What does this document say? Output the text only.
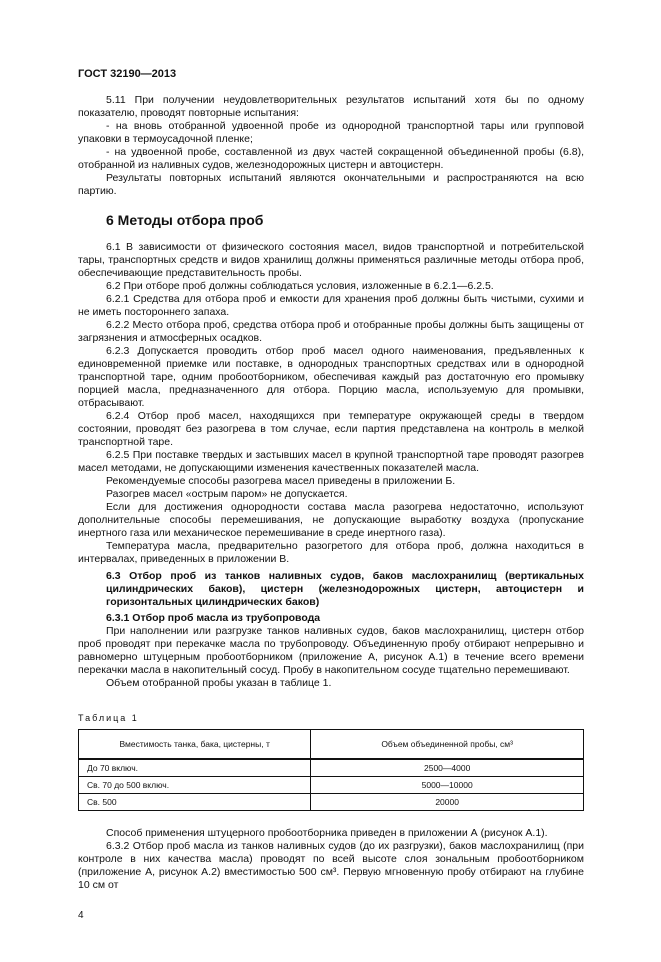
ГОСТ 32190—2013

5.11 При получении неудовлетворительных результатов испытаний хотя бы по одному показателю, проводят повторные испытания:

- на вновь отобранной удвоенной пробе из однородной транспортной тары или групповой упаковки в термоусадочной пленке;

- на удвоенной пробе, составленной из двух частей сокращенной объединенной пробы (6.8), отобранной из наливных судов, железнодорожных цистерн и автоцистерн.

Результаты повторных испытаний являются окончательными и распространяются на всю партию.

6 Методы отбора проб

6.1 В зависимости от физического состояния масел, видов транспортной и потребительской тары, транспортных средств и видов хранилищ должны применяться различные методы отбора проб, обеспечивающие представительность пробы.

6.2 При отборе проб должны соблюдаться условия, изложенные в 6.2.1—6.2.5.

6.2.1 Средства для отбора проб и емкости для хранения проб должны быть чистыми, сухими и не иметь постороннего запаха.

6.2.2 Место отбора проб, средства отбора проб и отобранные пробы должны быть защищены от загрязнения и атмосферных осадков.

6.2.3 Допускается проводить отбор проб масел одного наименования, предъявленных к единовременной приемке или поставке, в однородных транспортных средствах или в однородной транспортной таре, одним пробоотборником, обеспечивая каждый раз достаточную его промывку порцией масла, предназначенного для отбора. Порцию масла, используемую для промывки, отбрасывают.

6.2.4 Отбор проб масел, находящихся при температуре окружающей среды в твердом состоянии, проводят без разогрева в том случае, если партия представлена на контроль в мелкой транспортной таре.

6.2.5 При поставке твердых и застывших масел в крупной транспортной таре проводят разогрев масел методами, не допускающими изменения качественных показателей масла.

Рекомендуемые способы разогрева масел приведены в приложении Б.

Разогрев масел «острым паром» не допускается.

Если для достижения однородности состава масла разогрева недостаточно, используют дополнительные способы перемешивания, не допускающие выработку воздуха (пропускание инертного газа или механическое перемешивание в среде инертного газа).

Температура масла, предварительно разогретого для отбора проб, должна находиться в интервалах, приведенных в приложении В.

6.3 Отбор проб из танков наливных судов, баков маслохранилищ (вертикальных цилиндрических баков), цистерн (железнодорожных цистерн, автоцистерн и горизонтальных цилиндрических баков)
6.3.1 Отбор проб масла из трубопровода

При наполнении или разгрузке танков наливных судов, баков маслохранилищ, цистерн отбор проб проводят при перекачке масла по трубопроводу. Объединенную пробу отбирают непрерывно и равномерно штуцерным пробоотборником (приложение А, рисунок А.1) в течение всего времени перекачки масла в накопительный сосуд. Пробу в накопительном сосуде тщательно перемешивают.

Объем отобранной пробы указан в таблице 1.

Таблица 1
Вместимость танка, бака, цистерны, т	Объем объединенной пробы, см³
До 70 включ.	2500—4000
Св. 70 до 500 включ.	5000—10000
Св. 500	20000

Способ применения штуцерного пробоотборника приведен в приложении А (рисунок А.1).

6.3.2 Отбор проб масла из танков наливных судов (до их разгрузки), баков маслохранилищ (при контроле в них качества масла) проводят по всей высоте слоя зональным пробоотборником (приложение А, рисунок А.2) вместимостью 500 см³. Первую мгновенную пробу отбирают на глубине 10 см от

4
